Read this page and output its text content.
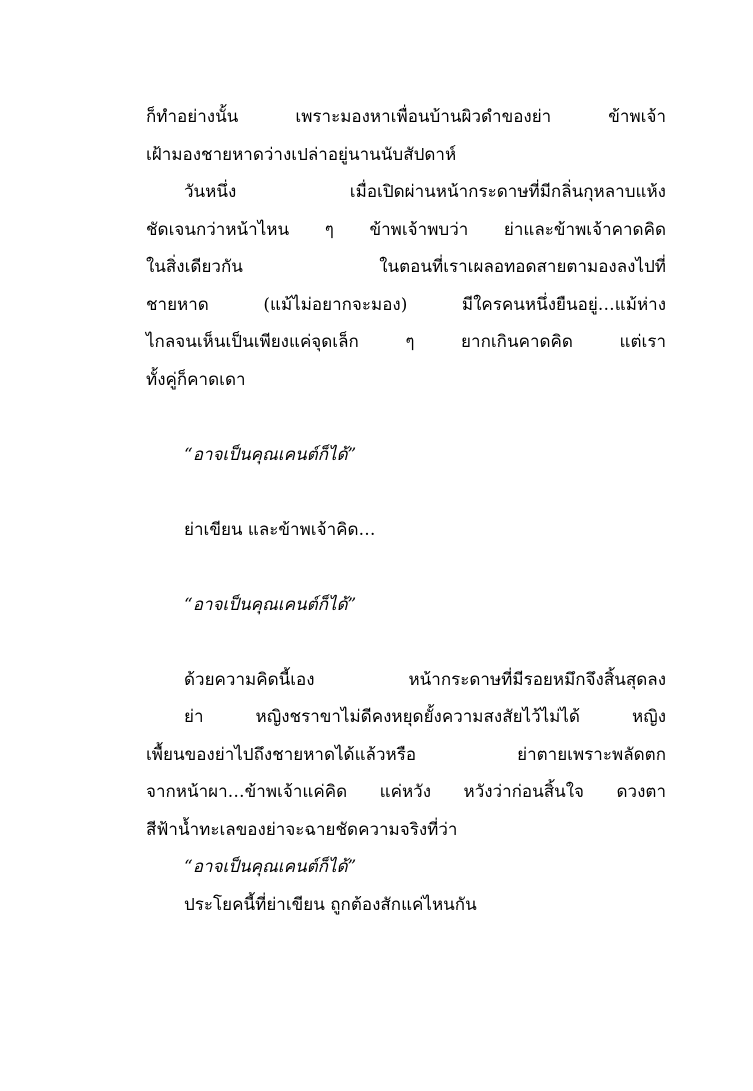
ก็ทำอย่างนั้น เพราะมองหาเพื่อนบ้านผิวดำของย่า ข้าพเจ้า
เฝ้ามองชายหาดว่างเปล่าอยู่นานนับสัปดาห์
วันหนึ่ง เมื่อเปิดผ่านหน้ากระดาษที่มีกลิ่นกุหลาบแห้ง
ชัดเจนกว่าหน้าไหน ๆ ข้าพเจ้าพบว่า ย่าและข้าพเจ้าคาดคิด
ในสิ่งเดียวกัน ในตอนที่เราเผลอทอดสายตามองลงไปที่
ชายหาด (แม้ไม่อยากจะมอง) มีใครคนหนึ่งยืนอยู่…แม้ห่าง
ไกลจนเห็นเป็นเพียงแค่จุดเล็ก ๆ ยากเกินคาดคิด แต่เรา
ทั้งคู่ก็คาดเดา
“อาจเป็นคุณเคนต์ก็ได้”
ย่าเขียน และข้าพเจ้าคิด…
“อาจเป็นคุณเคนต์ก็ได้”
ด้วยความคิดนี้เอง หน้ากระดาษที่มีรอยหมึกจึงสิ้นสุดลง
ย่า หญิงชราขาไม่ดีคงหยุดยั้งความสงสัยไว้ไม่ได้ หญิง
เพื้ยนของย่าไปถึงชายหาดได้แล้วหรือ ย่าตายเพราะพลัดตก
จากหน้าผา…ข้าพเจ้าแค่คิด แค่หวัง หวังว่าก่อนสิ้นใจ ดวงตา
สีฟ้าน้ำทะเลของย่าจะฉายชัดความจริงที่ว่า
“อาจเป็นคุณเคนต์ก็ได้”
ประโยคนี้ที่ย่าเขียน ถูกต้องสักแค่ไหนกัน
